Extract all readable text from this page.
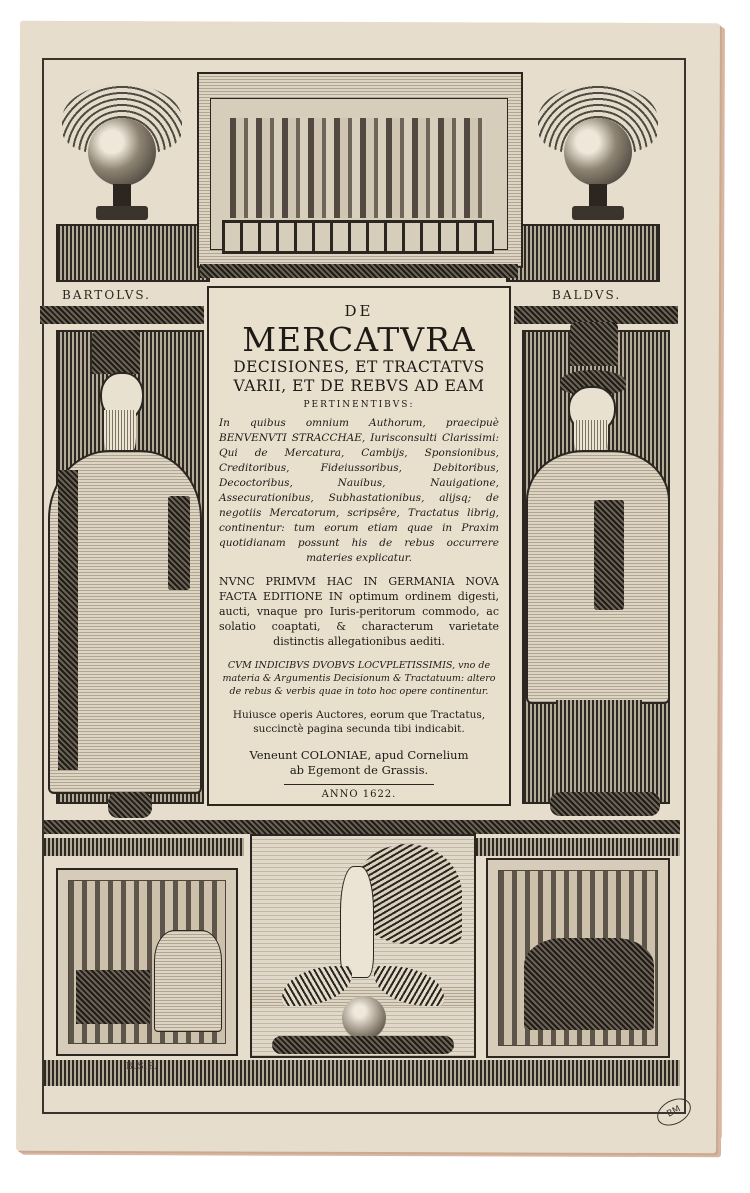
BARTOLVS.	BALDVS.
DE
MERCATVRA
DECISIONES, ET TRACTATVS
VARII, ET DE REBVS AD EAM
PERTINENTIBVS:
In quibus omnium Authorum, praecipuè BENVENVTI STRACCHAE, Iurisconsulti Clarissimi: Qui de Mercatura, Cambijs, Sponsionibus, Creditoribus, Fideiussoribus, Debitoribus, Decoctoribus, Nauibus, Nauigatione, Assecurationibus, Subhastationibus, alijsq; de negotiis Mercatorum, scripsêre, Tractatus librig, continentur: tum eorum etiam quae in Praxim quotidianam possunt his de rebus occurrere materies explicatur.
NVNC PRIMVM HAC IN GERMANIA NOVA FACTA EDITIONE IN optimum ordinem digesti, aucti, vnaque pro Iuris-peritorum commodo, ac solatio coaptati, & characterum varietate distinctis allegationibus aediti.
CVM INDICIBVS DVOBVS LOCVPLETISSIMIS, vno de materia & Argumentis Decisionum & Tractatuum: altero de rebus & verbis quae in toto hoc opere continentur.
Huiusce operis Auctores, eorum que Tractatus, succinctè pagina secunda tibi indicabit.
Veneunt COLONIAE, apud Cornelium
ab Egemont de Grassis.
ANNO 1622.
B.S.F.
BM
